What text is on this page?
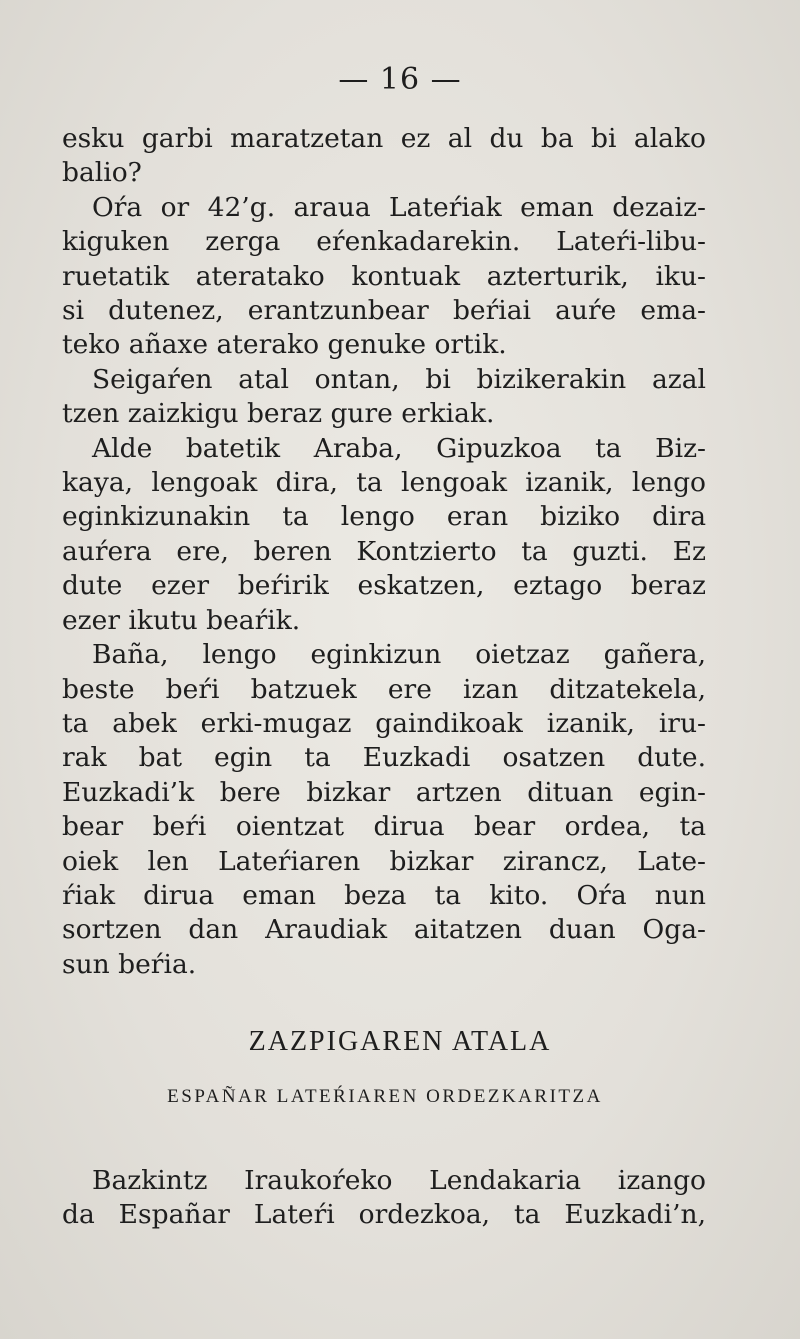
— 16 —
esku garbi maratzetan ez al du ba bi alako
balio?
Oŕa or 42’g. araua Lateŕiak eman dezaiz-
kiguken zerga eŕenkadarekin. Lateŕi-libu-
ruetatik ateratako kontuak azterturik, iku-
si dutenez, erantzunbear beŕiai auŕe ema-
teko añaxe aterako genuke ortik.
Seigaŕen atal ontan, bi bizikerakin azal
tzen zaizkigu beraz gure erkiak.
Alde batetik Araba, Gipuzkoa ta Biz-
kaya, lengoak dira, ta lengoak izanik, lengo
eginkizunakin ta lengo eran biziko dira
auŕera ere, beren Kontzierto ta guzti. Ez
dute ezer beŕirik eskatzen, eztago beraz
ezer ikutu beaŕik.
Baña, lengo eginkizun oietzaz gañera,
beste beŕi batzuek ere izan ditzatekela,
ta abek erki-mugaz gaindikoak izanik, iru-
rak bat egin ta Euzkadi osatzen dute.
Euzkadi’k bere bizkar artzen dituan egin-
bear beŕi oientzat dirua bear ordea, ta
oiek len Lateŕiaren bizkar zirancz, Late-
ŕiak dirua eman beza ta kito. Oŕa nun
sortzen dan Araudiak aitatzen duan Oga-
sun beŕia.
ZAZPIGAREN ATALA
ESPAÑAR LATEŔIAREN ORDEZKARITZA
Bazkintz Iraukoŕeko Lendakaria izango
da Españar Lateŕi ordezkoa, ta Euzkadi’n,
